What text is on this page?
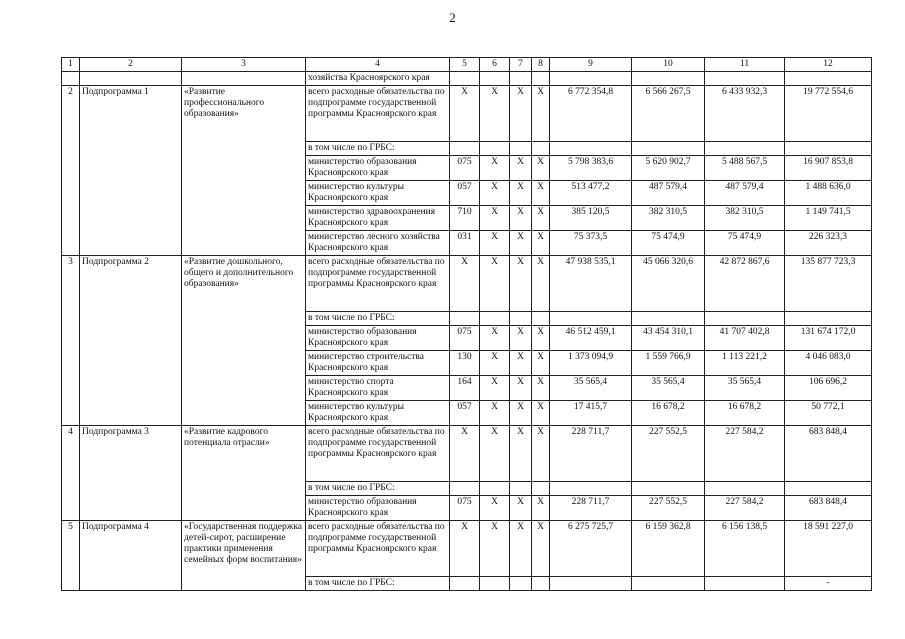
2
1	2	3	4	5	6	7	8	9	10	11	12
			хозяйства Красноярского края								
2	Подпрограмма 1	«Развитие профессионального образования»	всего расходные обязательства по подпрограмме государственной программы Красноярского края	Х	Х	Х	Х	6 772 354,8	6 566 267,5	6 433 932,3	19 772 554,6
			в том числе по ГРБС:								
			министерство образования Красноярского края	075	Х	Х	Х	5 798 383,6	5 620 902,7	5 488 567,5	16 907 853,8
			министерство культуры Красноярского края	057	Х	Х	Х	513 477,2	487 579,4	487 579,4	1 488 636,0
			министерство здравоохранения Красноярского края	710	Х	Х	Х	385 120,5	382 310,5	382 310,5	1 149 741,5
			министерство лесного хозяйства Красноярского края	031	Х	Х	Х	75 373,5	75 474,9	75 474,9	226 323,3
3	Подпрограмма 2	«Развитие дошкольного, общего и дополнительного образования»	всего расходные обязательства по подпрограмме государственной программы Красноярского края	Х	Х	Х	Х	47 938 535,1	45 066 320,6	42 872 867,6	135 877 723,3
			в том числе по ГРБС:								
			министерство образования Красноярского края	075	Х	Х	Х	46 512 459,1	43 454 310,1	41 707 402,8	131 674 172,0
			министерство строительства Красноярского края	130	Х	Х	Х	1 373 094,9	1 559 766,9	1 113 221,2	4 046 083,0
			министерство спорта Красноярского края	164	Х	Х	Х	35 565,4	35 565,4	35 565,4	106 696,2
			министерство культуры Красноярского края	057	Х	Х	Х	17 415,7	16 678,2	16 678,2	50 772,1
4	Подпрограмма 3	«Развитие кадрового потенциала отрасли»	всего расходные обязательства по подпрограмме государственной программы Красноярского края	Х	Х	Х	Х	228 711,7	227 552,5	227 584,2	683 848,4
			в том числе по ГРБС:								
			министерство образования Красноярского края	075	Х	Х	Х	228 711,7	227 552,5	227 584,2	683 848,4
5	Подпрограмма 4	«Государственная поддержка детей-сирот, расширение практики применения семейных форм воспитания»	всего расходные обязательства по подпрограмме государственной программы Красноярского края	Х	Х	Х	Х	6 275 725,7	6 159 362,8	6 156 138,5	18 591 227,0
			в том числе по ГРБС:								-
